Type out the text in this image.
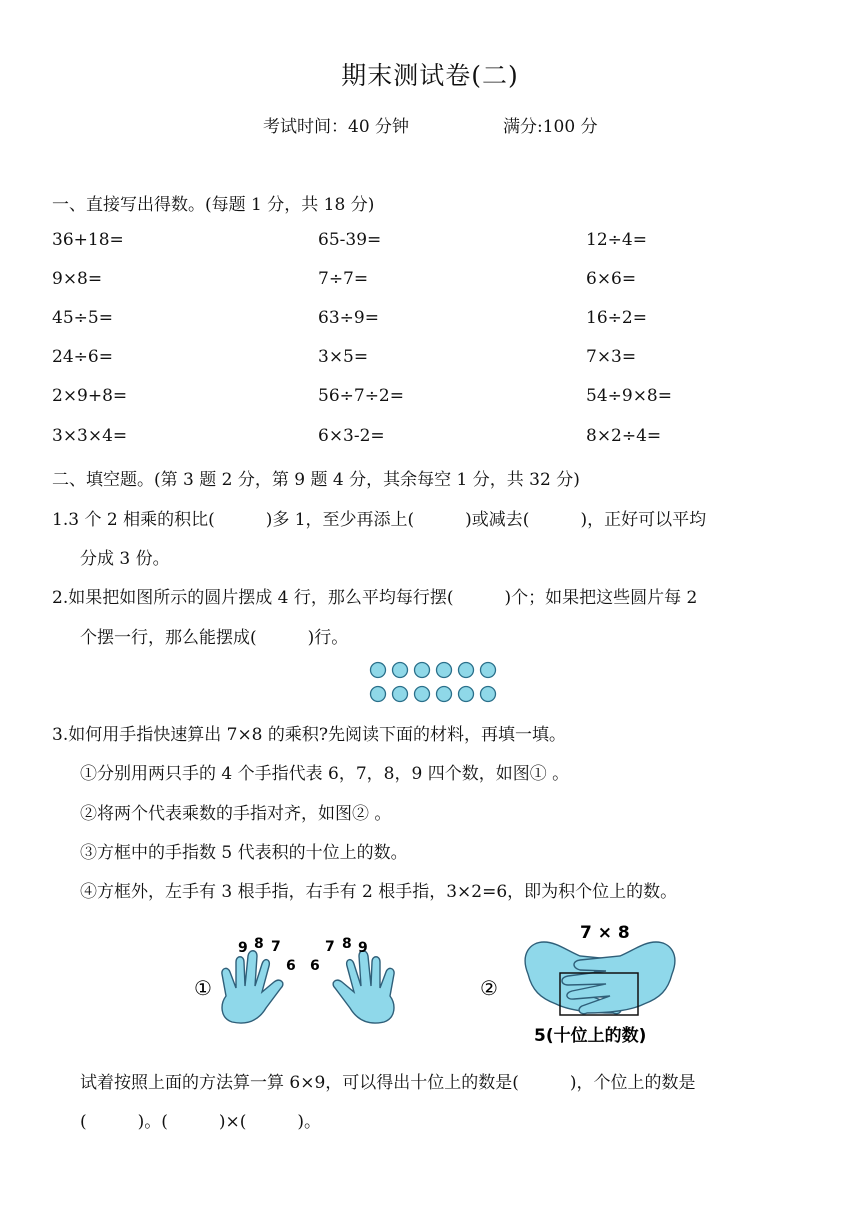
期末测试卷(二)
考试时间：40 分钟	满分:100 分
一、直接写出得数。(每题 1 分，共 18 分)
36+18=	65-39=	12÷4=
9×8=	7÷7=	6×6=
45÷5=	63÷9=	16÷2=
24÷6=	3×5=	7×3=
2×9+8=	56÷7÷2=	54÷9×8=
3×3×4=	6×3-2=	8×2÷4=
二、填空题。(第 3 题 2 分，第 9 题 4 分，其余每空 1 分，共 32 分)
1.3 个 2 相乘的积比(　　　)多 1，至少再添上(　　　)或减去(　　　)，正好可以平均
分成 3 份。
2.如果把如图所示的圆片摆成 4 行，那么平均每行摆(　　　)个；如果把这些圆片每 2
个摆一行，那么能摆成(　　　)行。
3.如何用手指快速算出 7×8 的乘积?先阅读下面的材料，再填一填。
①分别用两只手的 4 个手指代表 6，7，8，9 四个数，如图① 。
②将两个代表乘数的手指对齐，如图② 。
③方框中的手指数 5 代表积的十位上的数。
④方框外，左手有 3 根手指，右手有 2 根手指，3×2=6，即为积个位上的数。
①
9 8 7
6 6
7 8 9
②
7 × 8
5(十位上的数)
试着按照上面的方法算一算 6×9，可以得出十位上的数是(　　　)，个位上的数是
(　　　)。(　　　)×(　　　)。
